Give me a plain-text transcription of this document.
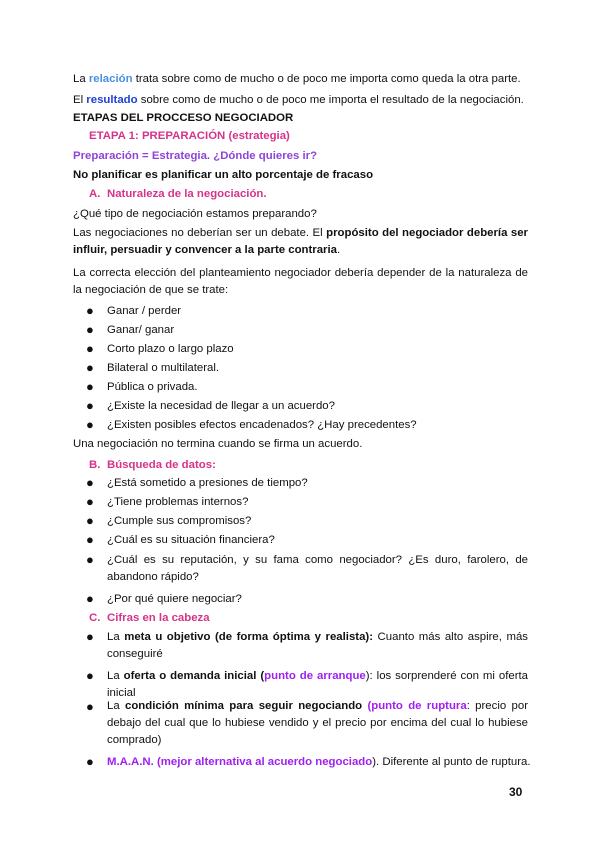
La relación trata sobre como de mucho o de poco me importa como queda la otra parte.
El resultado sobre como de mucho o de poco me importa el resultado de la negociación.
ETAPAS DEL PROCCESO NEGOCIADOR
ETAPA 1: PREPARACIÓN (estrategia)
Preparación = Estrategia. ¿Dónde quieres ir?
No planificar es planificar un alto porcentaje de fracaso
A. Naturaleza de la negociación.
¿Qué tipo de negociación estamos preparando?
Las negociaciones no deberían ser un debate. El propósito del negociador debería ser influir, persuadir y convencer a la parte contraria.
La correcta elección del planteamiento negociador debería depender de la naturaleza de la negociación de que se trate:
● Ganar / perder
● Ganar/ ganar
● Corto plazo o largo plazo
● Bilateral o multilateral.
● Pública o privada.
● ¿Existe la necesidad de llegar a un acuerdo?
● ¿Existen posibles efectos encadenados? ¿Hay precedentes?
Una negociación no termina cuando se firma un acuerdo.
B. Búsqueda de datos:
● ¿Está sometido a presiones de tiempo?
● ¿Tiene problemas internos?
● ¿Cumple sus compromisos?
● ¿Cuál es su situación financiera?
● ¿Cuál es su reputación, y su fama como negociador? ¿Es duro, farolero, de abandono rápido?
● ¿Por qué quiere negociar?
C. Cifras en la cabeza
● La meta u objetivo (de forma óptima y realista): Cuanto más alto aspire, más conseguiré
● La oferta o demanda inicial (punto de arranque): los sorprenderé con mi oferta inicial
● La condición mínima para seguir negociando (punto de ruptura: precio por debajo del cual que lo hubiese vendido y el precio por encima del cual lo hubiese comprado)
● M.A.A.N. (mejor alternativa al acuerdo negociado). Diferente al punto de ruptura.
30
